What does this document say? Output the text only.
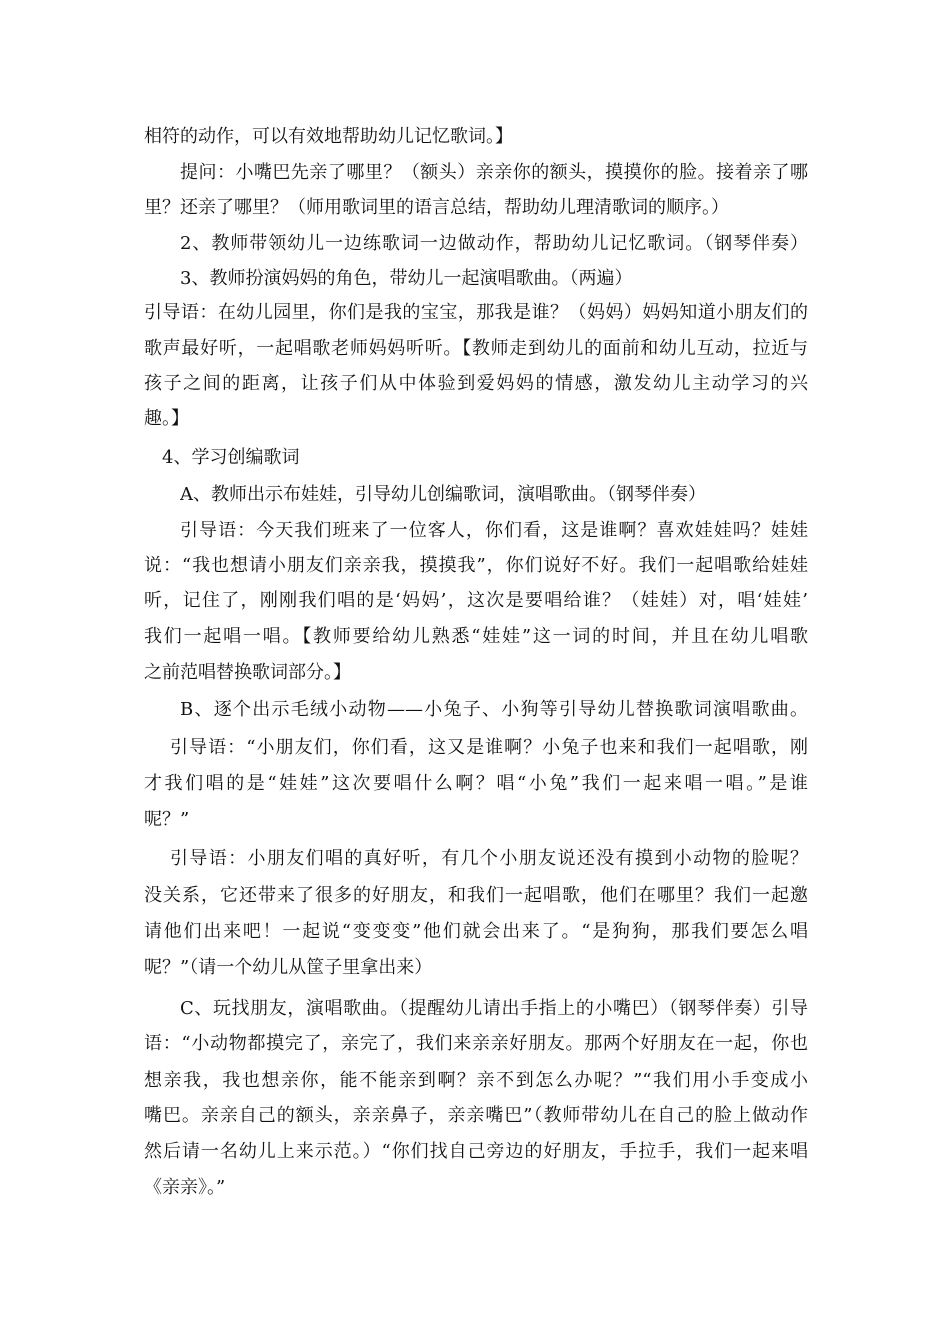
相符的动作，可以有效地帮助幼儿记忆歌词。】
提问：小嘴巴先亲了哪里？（额头）亲亲你的额头，摸摸你的脸。接着亲了哪
里？还亲了哪里？（师用歌词里的语言总结，帮助幼儿理清歌词的顺序。）
2、教师带领幼儿一边练歌词一边做动作，帮助幼儿记忆歌词。（钢琴伴奏）
3、教师扮演妈妈的角色，带幼儿一起演唱歌曲。（两遍）
引导语：在幼儿园里，你们是我的宝宝，那我是谁？（妈妈）妈妈知道小朋友们的
歌声最好听，一起唱歌老师妈妈听听。【教师走到幼儿的面前和幼儿互动，拉近与
孩子之间的距离，让孩子们从中体验到爱妈妈的情感，激发幼儿主动学习的兴
趣。】
4、学习创编歌词
A、教师出示布娃娃，引导幼儿创编歌词，演唱歌曲。（钢琴伴奏）
引导语：今天我们班来了一位客人，你们看，这是谁啊？喜欢娃娃吗？娃娃
说：“我也想请小朋友们亲亲我，摸摸我”，你们说好不好。我们一起唱歌给娃娃
听，记住了，刚刚我们唱的是‘妈妈’，这次是要唱给谁？（娃娃）对，唱‘娃娃’
我们一起唱一唱。【教师要给幼儿熟悉“娃娃”这一词的时间，并且在幼儿唱歌
之前范唱替换歌词部分。】
B、逐个出示毛绒小动物——小兔子、小狗等引导幼儿替换歌词演唱歌曲。
引导语：“小朋友们，你们看，这又是谁啊？小兔子也来和我们一起唱歌，刚
才我们唱的是“娃娃”这次要唱什么啊？唱“小兔”我们一起来唱一唱。”是谁
呢？”
引导语：小朋友们唱的真好听，有几个小朋友说还没有摸到小动物的脸呢？
没关系，它还带来了很多的好朋友，和我们一起唱歌，他们在哪里？我们一起邀
请他们出来吧！一起说“变变变”他们就会出来了。“是狗狗，那我们要怎么唱
呢？”（请一个幼儿从筐子里拿出来）
C、玩找朋友，演唱歌曲。（提醒幼儿请出手指上的小嘴巴）（钢琴伴奏）引导
语：“小动物都摸完了，亲完了，我们来亲亲好朋友。那两个好朋友在一起，你也
想亲我，我也想亲你，能不能亲到啊？亲不到怎么办呢？”“我们用小手变成小
嘴巴。亲亲自己的额头，亲亲鼻子，亲亲嘴巴”（教师带幼儿在自己的脸上做动作
然后请一名幼儿上来示范。）“你们找自己旁边的好朋友，手拉手，我们一起来唱
《亲亲》。”
